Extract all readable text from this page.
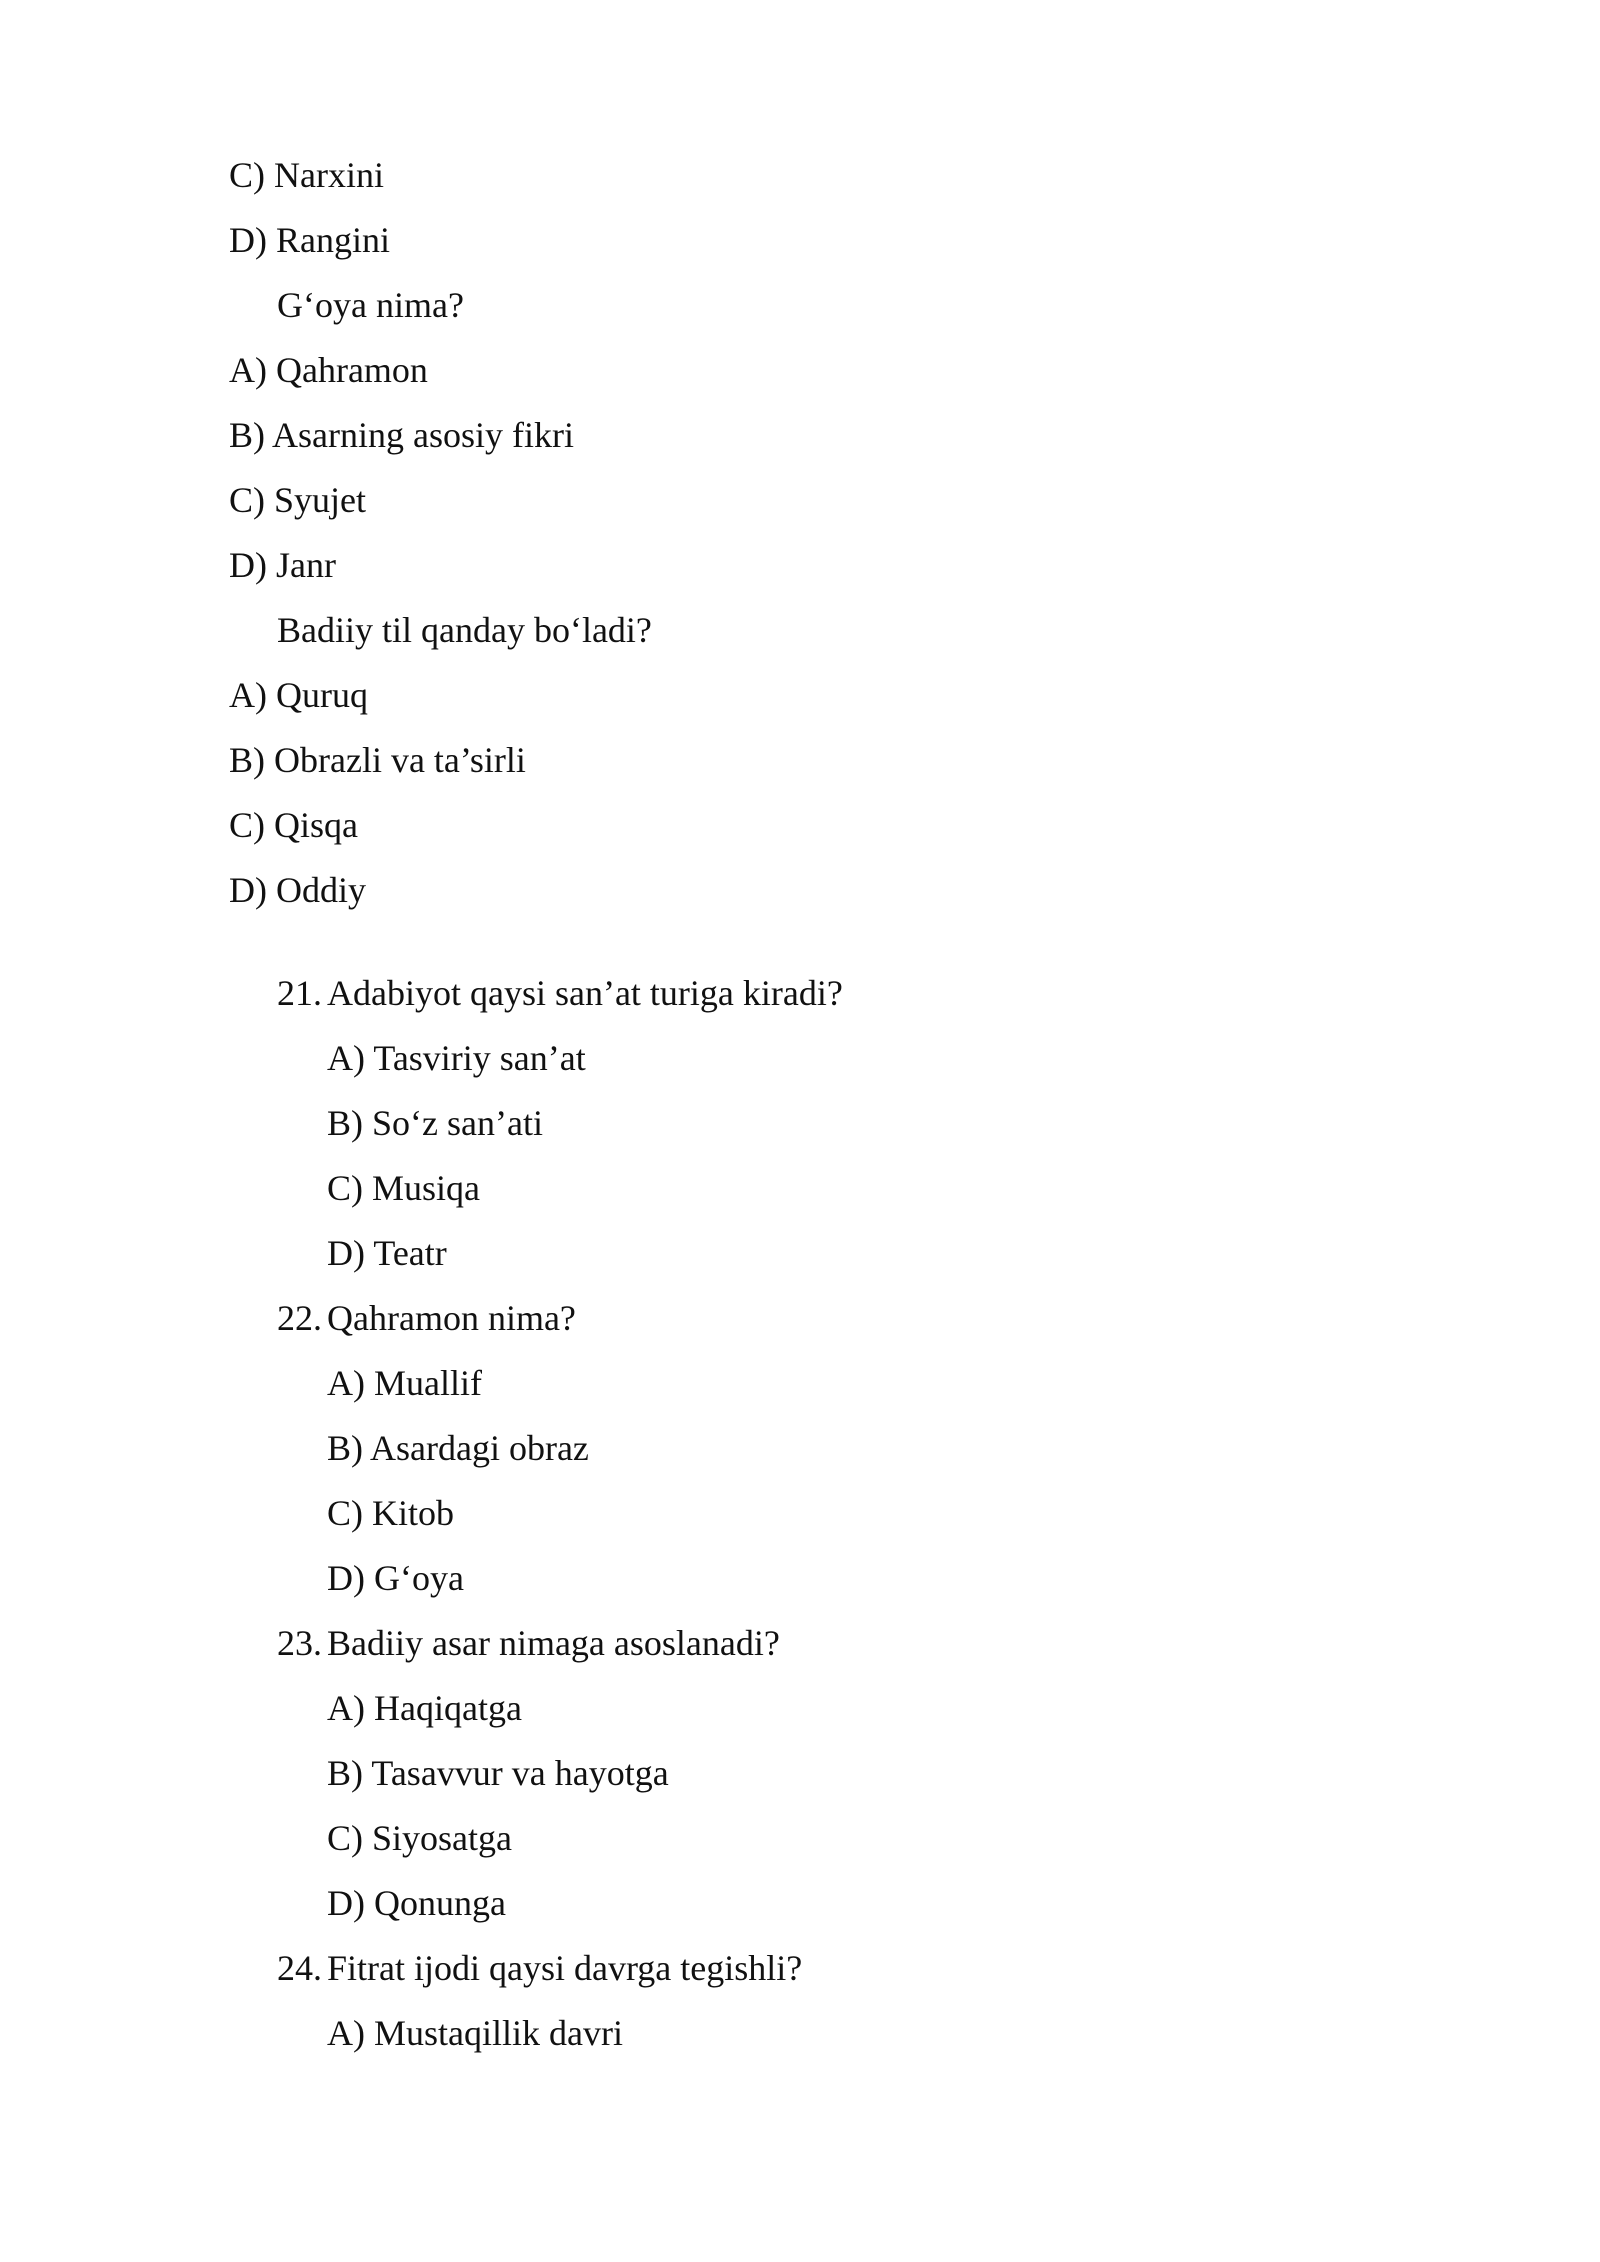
C) Narxini
D) Rangini
G‘oya nima?
A) Qahramon
B) Asarning asosiy fikri
C) Syujet
D) Janr
Badiiy til qanday bo‘ladi?
A) Quruq
B) Obrazli va ta’sirli
C) Qisqa
D) Oddiy
21. Adabiyot qaysi san’at turiga kiradi?
A) Tasviriy san’at
B) So‘z san’ati
C) Musiqa
D) Teatr
22. Qahramon nima?
A) Muallif
B) Asardagi obraz
C) Kitob
D) G‘oya
23. Badiiy asar nimaga asoslanadi?
A) Haqiqatga
B) Tasavvur va hayotga
C) Siyosatga
D) Qonunga
24. Fitrat ijodi qaysi davrga tegishli?
A) Mustaqillik davri
